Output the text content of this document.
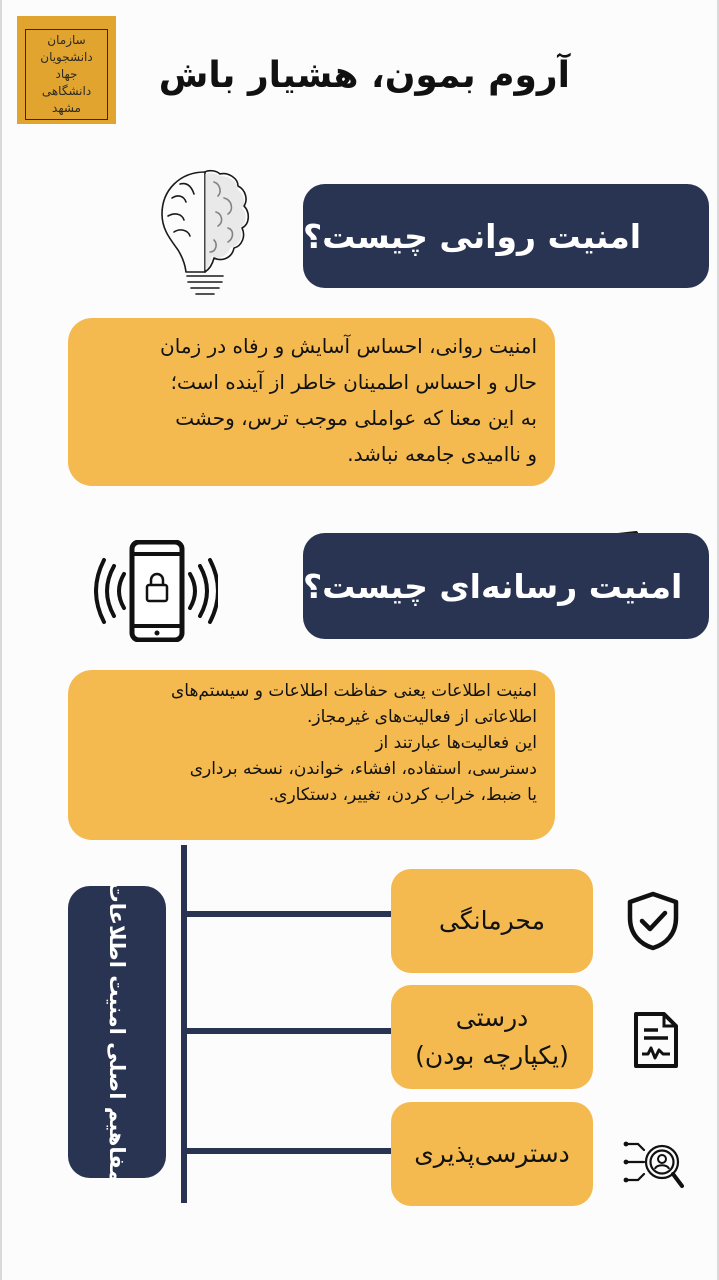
سازمان
دانشجویان
جهاد
دانشگاهی
مشهد
آروم بمون، هشیار باش
امنیت روانی چیست؟
امنیت روانی، احساس آسایش و رفاه در زمان
حال و احساس اطمینان خاطر از آینده است؛
به این معنا که عواملی موجب ترس، وحشت
و ناامیدی جامعه نباشد.
امنیت رسانه‌ای چیست؟
امنیت اطلاعات یعنی حفاظت اطلاعات و سیستم‌های
اطلاعاتی از فعالیت‌های غیرمجاز.
این فعالیت‌ها عبارتند از
دسترسی، استفاده، افشاء، خواندن، نسخه برداری
یا ضبط، خراب کردن، تغییر، دستکاری.
مفاهیم اصلی امنیت اطلاعات	محرمانگی
درستی
(یکپارچه بودن)
دسترسی‌پذیری
